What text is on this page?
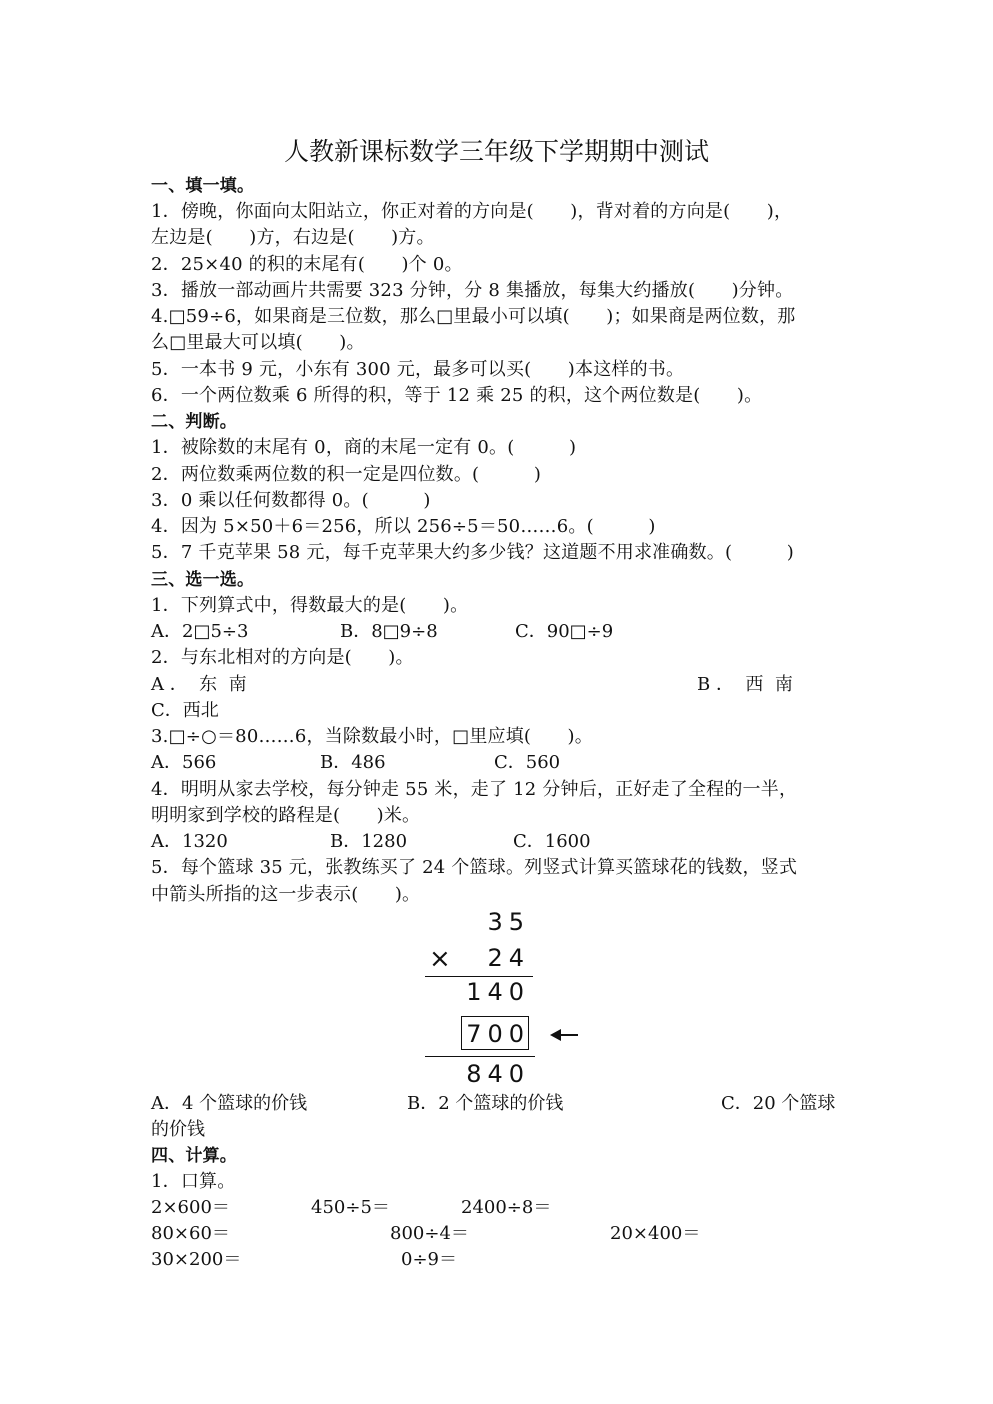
人教新课标数学三年级下学期期中测试
一、填一填。
1．傍晚，你面向太阳站立，你正对着的方向是(　　)，背对着的方向是(　　)，
左边是(　　)方，右边是(　　)方。
2．25×40 的积的末尾有(　　)个 0。
3．播放一部动画片共需要 323 分钟，分 8 集播放，每集大约播放(　　)分钟。
4.□59÷6，如果商是三位数，那么□里最小可以填(　　)；如果商是两位数，那
么□里最大可以填(　　)。
5．一本书 9 元，小东有 300 元，最多可以买(　　)本这样的书。
6．一个两位数乘 6 所得的积，等于 12 乘 25 的积，这个两位数是(　　)。
二、判断。
1．被除数的末尾有 0，商的末尾一定有 0。(　　　)
2．两位数乘两位数的积一定是四位数。(　　　)
3．0 乘以任何数都得 0。(　　　)
4．因为 5×50＋6＝256，所以 256÷5＝50……6。(　　　)
5．7 千克苹果 58 元，每千克苹果大约多少钱？这道题不用求准确数。(　　　)
三、选一选。
1．下列算式中，得数最大的是(　　)。
A．2□5÷3	B．8□9÷8	C．90□÷9
2．与东北相对的方向是(　　)。
A ．  东  南	B ．  西  南
C．西北
3.□÷○＝80……6，当除数最小时，□里应填(　　)。
A．566	B．486	C．560
4．明明从家去学校，每分钟走 55 米，走了 12 分钟后，正好走了全程的一半，
明明家到学校的路程是(　　)米。
A．1320	B．1280	C．1600
5．每个篮球 35 元，张教练买了 24 个篮球。列竖式计算买篮球花的钱数，竖式
中箭头所指的这一步表示(　　)。
35
× 24
140
700
840
A．4 个篮球的价钱	B．2 个篮球的价钱	C．20 个篮球
的价钱
四、计算。
1．口算。
2×600＝	450÷5＝	2400÷8＝
80×60＝	800÷4＝	20×400＝
30×200＝	0÷9＝
